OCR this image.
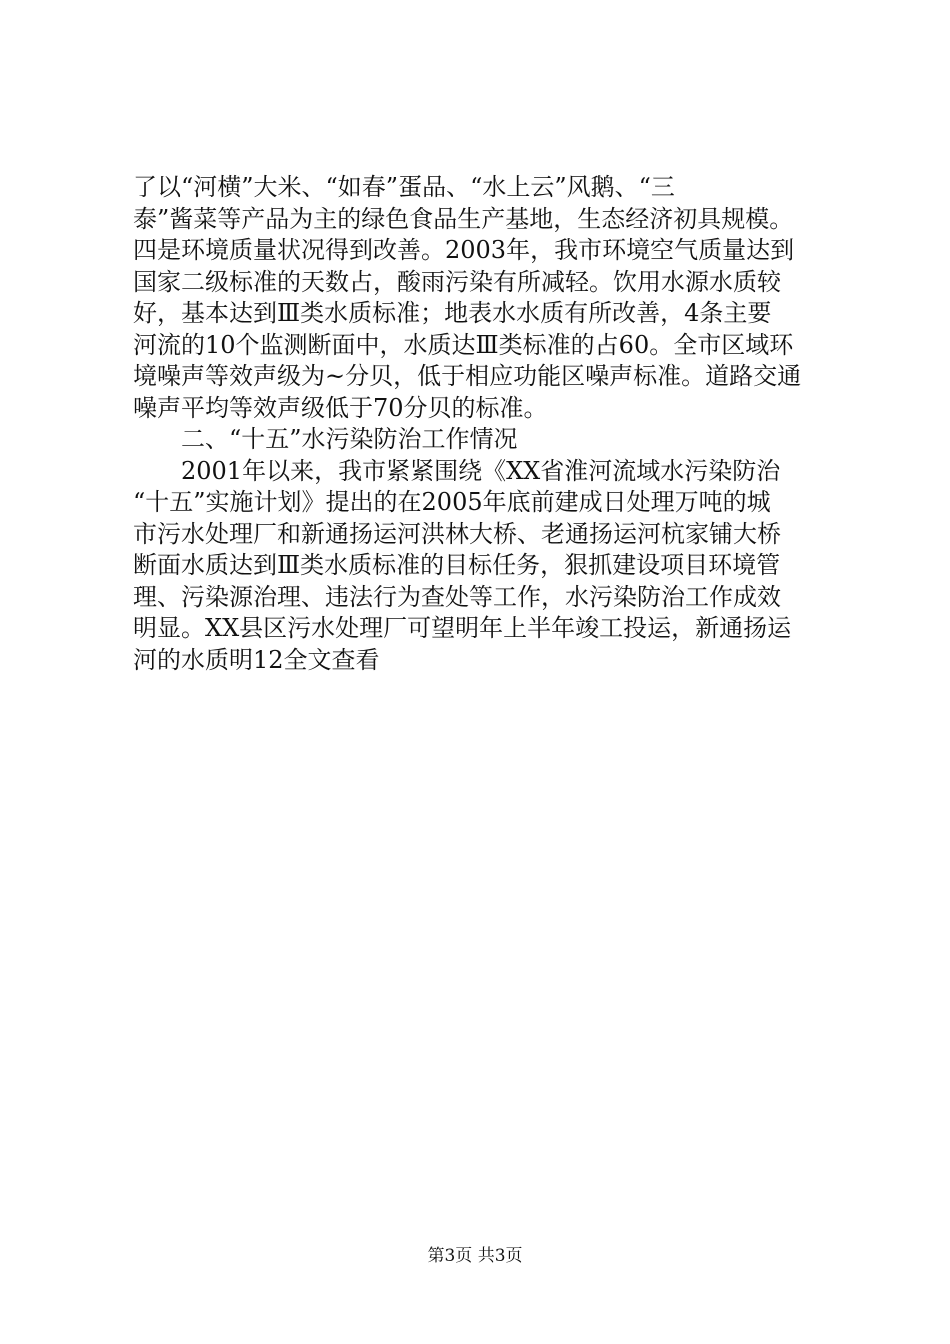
了以“河横”大米、“如春”蛋品、“水上云”风鹅、“三
泰”酱菜等产品为主的绿色食品生产基地，生态经济初具规模。
四是环境质量状况得到改善。2003年，我市环境空气质量达到
国家二级标准的天数占，酸雨污染有所减轻。饮用水源水质较
好，基本达到Ⅲ类水质标准；地表水水质有所改善，4条主要
河流的10个监测断面中，水质达Ⅲ类标准的占60。全市区域环
境噪声等效声级为~分贝，低于相应功能区噪声标准。道路交通
噪声平均等效声级低于70分贝的标准。
二、“十五”水污染防治工作情况
2001年以来，我市紧紧围绕《XX省淮河流域水污染防治
“十五”实施计划》提出的在2005年底前建成日处理万吨的城
市污水处理厂和新通扬运河洪林大桥、老通扬运河杭家铺大桥
断面水质达到Ⅲ类水质标准的目标任务，狠抓建设项目环境管
理、污染源治理、违法行为查处等工作，水污染防治工作成效
明显。XX县区污水处理厂可望明年上半年竣工投运，新通扬运
河的水质明12全文查看
第3页 共3页
